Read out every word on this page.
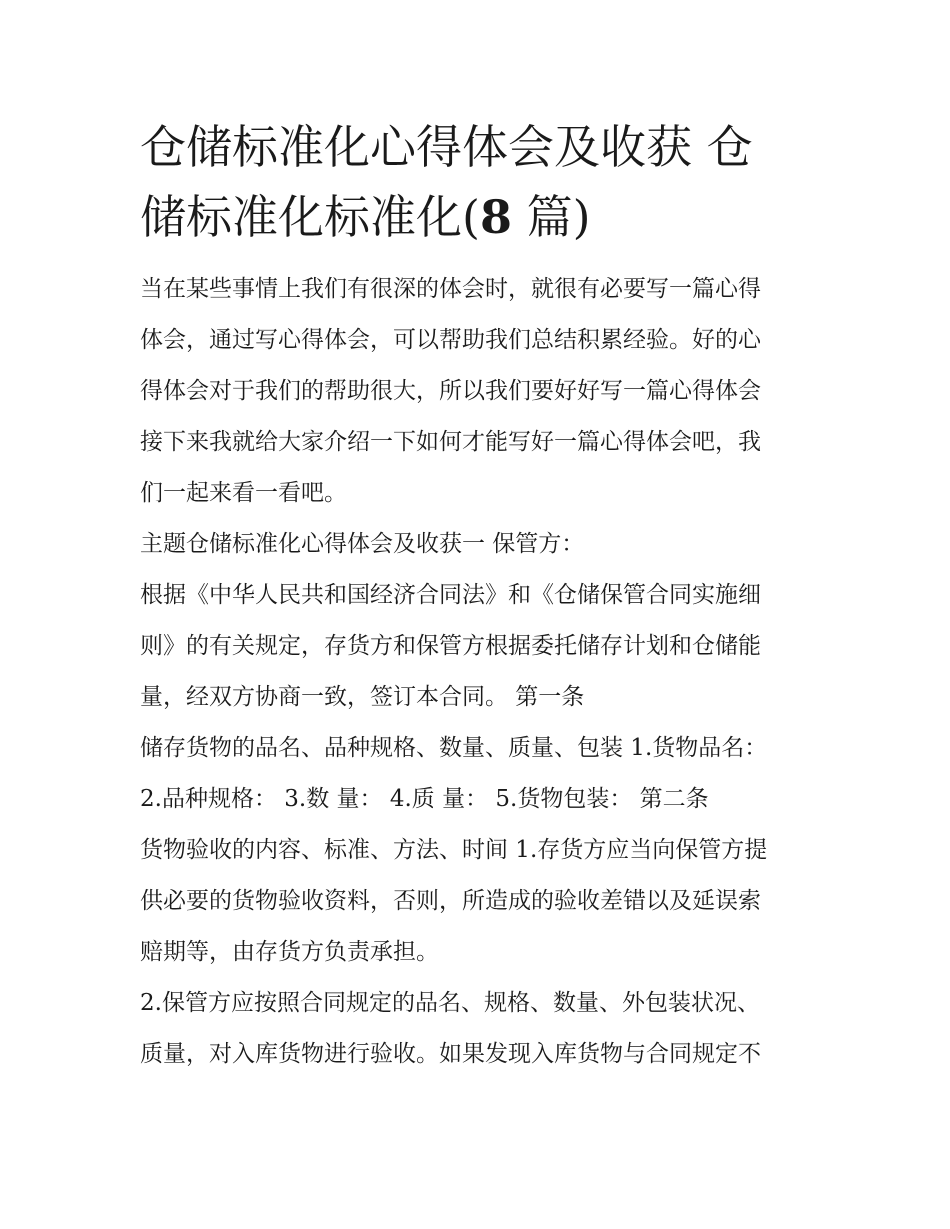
仓储标准化心得体会及收获 仓
储标准化标准化(8 篇)
当在某些事情上我们有很深的体会时，就很有必要写一篇心得
体会，通过写心得体会，可以帮助我们总结积累经验。好的心
得体会对于我们的帮助很大，所以我们要好好写一篇心得体会
接下来我就给大家介绍一下如何才能写好一篇心得体会吧，我
们一起来看一看吧。
主题仓储标准化心得体会及收获一 保管方：
根据《中华人民共和国经济合同法》和《仓储保管合同实施细
则》的有关规定，存货方和保管方根据委托储存计划和仓储能
量，经双方协商一致，签订本合同。 第一条
储存货物的品名、品种规格、数量、质量、包装 1.货物品名：
2.品种规格： 3.数 量： 4.质 量： 5.货物包装： 第二条
货物验收的内容、标准、方法、时间 1.存货方应当向保管方提
供必要的货物验收资料，否则，所造成的验收差错以及延误索
赔期等，由存货方负责承担。
2.保管方应按照合同规定的品名、规格、数量、外包装状况、
质量，对入库货物进行验收。如果发现入库货物与合同规定不
